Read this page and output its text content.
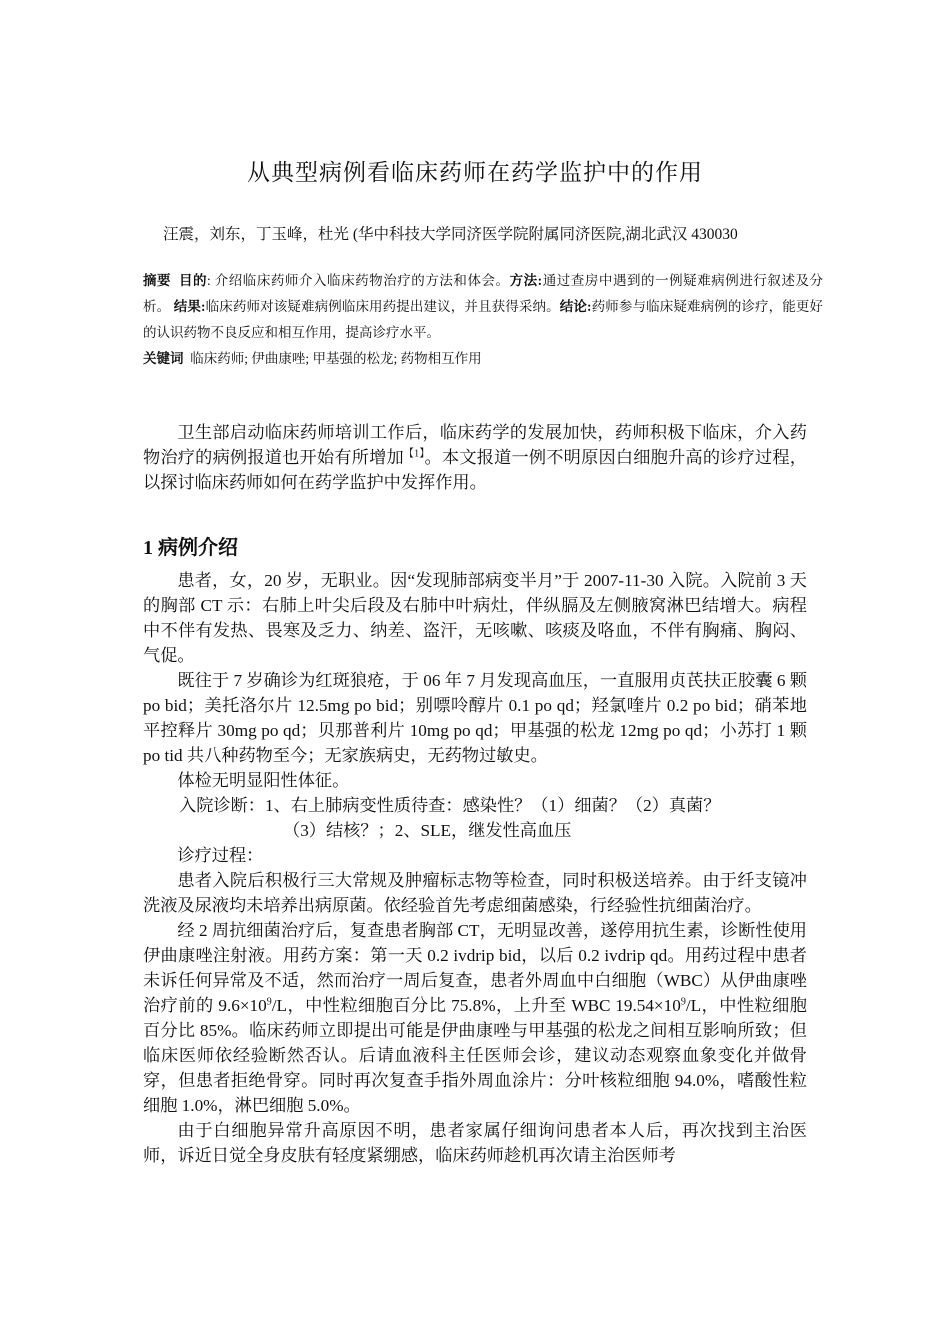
从典型病例看临床药师在药学监护中的作用
汪震，刘东，丁玉峰，杜光 (华中科技大学同济医学院附属同济医院,湖北武汉 430030

摘要 目的: 介绍临床药师介入临床药物治疗的方法和体会。方法:通过查房中遇到的一例疑难病例进行叙述及分析。 结果:临床药师对该疑难病例临床用药提出建议，并且获得采纳。结论:药师参与临床疑难病例的诊疗，能更好的认识药物不良反应和相互作用，提高诊疗水平。

关键词 临床药师; 伊曲康唑; 甲基强的松龙; 药物相互作用

卫生部启动临床药师培训工作后，临床药学的发展加快，药师积极下临床，介入药物治疗的病例报道也开始有所增加$^{【1】}$。本文报道一例不明原因白细胞升高的诊疗过程，以探讨临床药师如何在药学监护中发挥作用。

1 病例介绍

患者，女，20 岁，无职业。因“发现肺部病变半月”于 2007-11-30 入院。入院前 3 天的胸部 CT 示：右肺上叶尖后段及右肺中叶病灶，伴纵膈及左侧腋窝淋巴结增大。病程中不伴有发热、畏寒及乏力、纳差、盗汗，无咳嗽、咳痰及咯血，不伴有胸痛、胸闷、气促。

既往于 7 岁确诊为红斑狼疮，于 06 年 7 月发现高血压，一直服用贞芪扶正胶囊 6 颗 po bid；美托洛尔片 12.5mg po bid；别嘌呤醇片 0.1 po qd；羟氯喹片 0.2 po bid；硝苯地平控释片 30mg po qd；贝那普利片 10mg po qd；甲基强的松龙 12mg po qd；小苏打 1 颗 po tid 共八种药物至今；无家族病史，无药物过敏史。

体检无明显阳性体征。

入院诊断：1、右上肺病变性质待查：感染性？（1）细菌？（2）真菌？

（3）结核？；2、SLE，继发性高血压

诊疗过程：

患者入院后积极行三大常规及肿瘤标志物等检查，同时积极送培养。由于纤支镜冲洗液及尿液均未培养出病原菌。依经验首先考虑细菌感染，行经验性抗细菌治疗。

经 2 周抗细菌治疗后，复查患者胸部 CT，无明显改善，遂停用抗生素，诊断性使用伊曲康唑注射液。用药方案：第一天 0.2 ivdrip bid，以后 0.2 ivdrip qd。用药过程中患者未诉任何异常及不适，然而治疗一周后复查，患者外周血中白细胞（WBC）从伊曲康唑治疗前的 $9.6\times 10^9/L$，中性粒细胞百分比 75.8%，上升至 WBC $19.54\times 10^9/L$，中性粒细胞百分比 85%。临床药师立即提出可能是伊曲康唑与甲基强的松龙之间相互影响所致；但临床医师依经验断然否认。后请血液科主任医师会诊，建议动态观察血象变化并做骨穿，但患者拒绝骨穿。同时再次复查手指外周血涂片：分叶核粒细胞 94.0%，嗜酸性粒细胞 1.0%，淋巴细胞 5.0%。

由于白细胞异常升高原因不明，患者家属仔细询问患者本人后，再次找到主治医师，诉近日觉全身皮肤有轻度紧绷感，临床药师趁机再次请主治医师考
